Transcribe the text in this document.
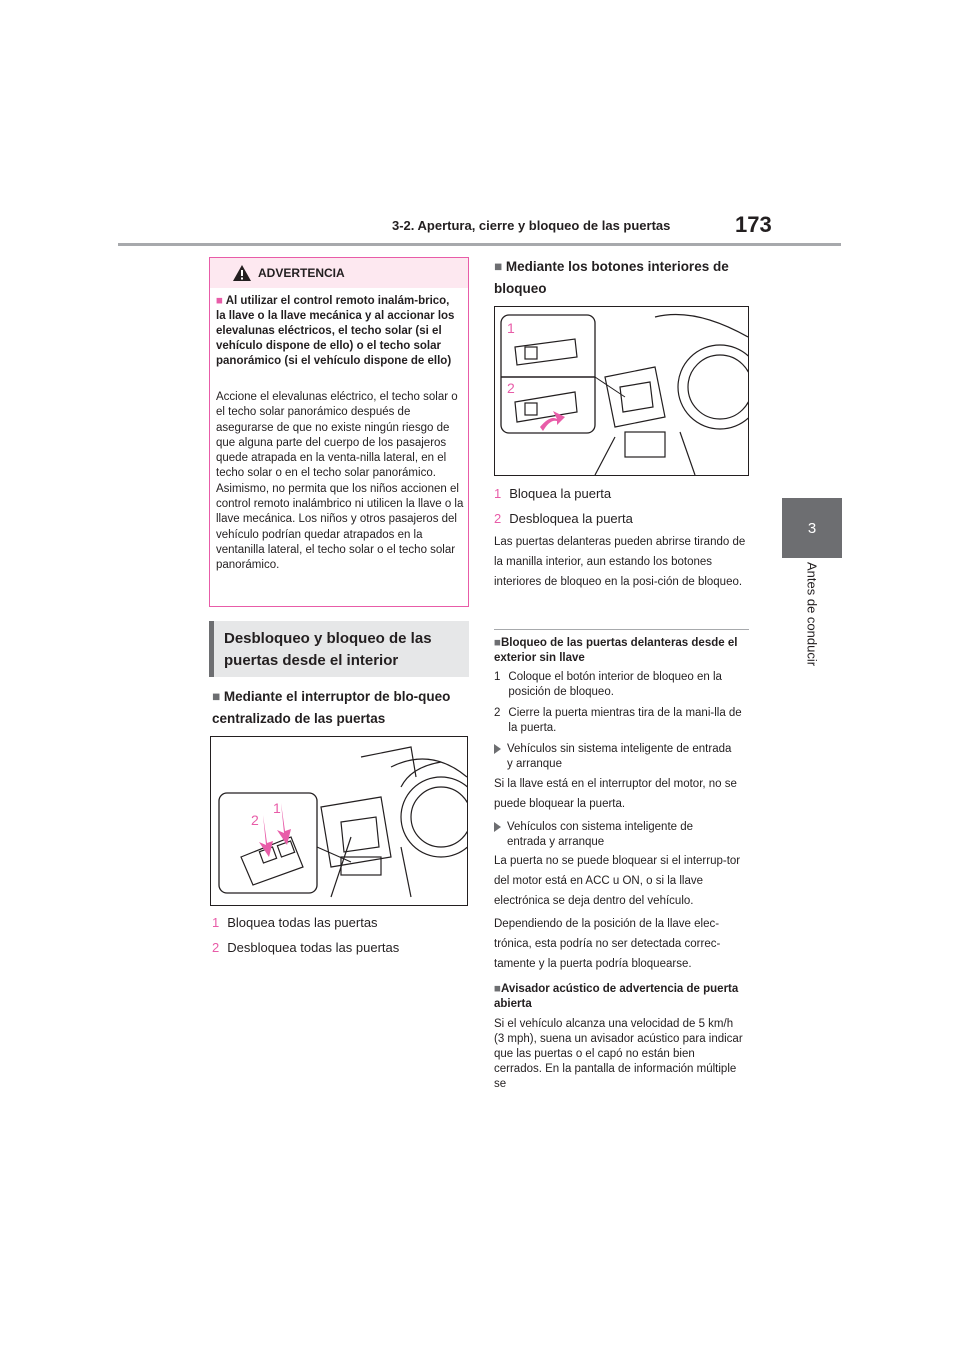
3-2. Apertura, cierre y bloqueo de las puertas	173
3
Antes de conducir
ADVERTENCIA
■ Al utilizar el control remoto inalám-brico, la llave o la llave mecánica y al accionar los elevalunas eléctricos, el techo solar (si el vehículo dispone de ello) o el techo solar panorámico (si el vehículo dispone de ello)
Accione el elevalunas eléctrico, el techo solar o el techo solar panorámico después de asegurarse de que no existe ningún riesgo de que alguna parte del cuerpo de los pasajeros quede atrapada en la venta-nilla lateral, en el techo solar o en el techo solar panorámico. Asimismo, no permita que los niños accionen el control remoto inalámbrico ni utilicen la llave o la llave mecánica. Los niños y otros pasajeros del vehículo podrían quedar atrapados en la ventanilla lateral, el techo solar o el techo solar panorámico.
Desbloqueo y bloqueo de las puertas desde el interior
■ Mediante el interruptor de blo-queo centralizado de las puertas
2
1
1 Bloquea todas las puertas
2 Desbloquea todas las puertas
■ Mediante los botones interiores de bloqueo
1
2
1 Bloquea la puerta
2 Desbloquea la puerta
Las puertas delanteras pueden abrirse tirando de la manilla interior, aun estando los botones interiores de bloqueo en la posi-ción de bloqueo.
■Bloqueo de las puertas delanteras desde el exterior sin llave
1 Coloque el botón interior de bloqueo en la posición de bloqueo.
2 Cierre la puerta mientras tira de la mani-lla de la puerta.
Vehículos sin sistema inteligente de entrada y arranque
Si la llave está en el interruptor del motor, no se puede bloquear la puerta.
Vehículos con sistema inteligente de entrada y arranque
La puerta no se puede bloquear si el interrup-tor del motor está en ACC u ON, o si la llave electrónica se deja dentro del vehículo.
Dependiendo de la posición de la llave elec-trónica, esta podría no ser detectada correc-tamente y la puerta podría bloquearse.
■Avisador acústico de advertencia de puerta abierta
Si el vehículo alcanza una velocidad de 5 km/h (3 mph), suena un avisador acústico para indicar que las puertas o el capó no están bien cerrados. En la pantalla de información múltiple se
